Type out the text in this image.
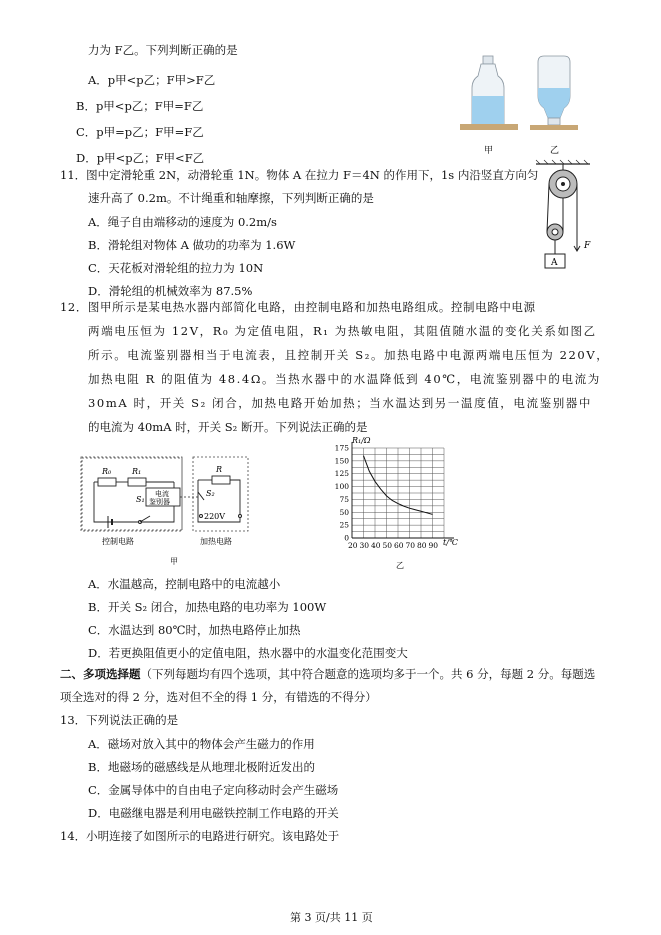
力为 F乙。下列判断正确的是
A．p甲<p乙；F甲>F乙
B．p甲<p乙；F甲=F乙
C．p甲=p乙；F甲=F乙
D．p甲<p乙；F甲<F乙	甲	乙
11．图中定滑轮重 2N，动滑轮重 1N。物体 A 在拉力 F＝4N 的作用下，1s 内沿竖直方向匀
速升高了 0.2m。不计绳重和轴摩擦，下列判断正确的是
A．绳子自由端移动的速度为 0.2m/s
B．滑轮组对物体 A 做功的功率为 1.6W
C．天花板对滑轮组的拉力为 10N
D．滑轮组的机械效率为 87.5%
A
F
12．图甲所示是某电热水器内部简化电路，由控制电路和加热电路组成。控制电路中电源
两端电压恒为 12V，R₀ 为定值电阻，R₁ 为热敏电阻，其阻值随水温的变化关系如图乙
所示。电流鉴别器相当于电流表，且控制开关 S₂。加热电路中电源两端电压恒为 220V，
加热电阻 R 的阻值为 48.4Ω。当热水器中的水温降低到 40℃，电流鉴别器中的电流为
30mA 时，开关 S₂ 闭合，加热电路开始加热；当水温达到另一温度值，电流鉴别器中
的电流为 40mA 时，开关 S₂ 断开。下列说法正确的是
R₀	R₁
电流
鉴别器
S₁
R
S₂
220V
控制电路	加热电路
甲
R₁/Ω
t/℃
乙
20 30 40 50 60 70 80 90
0
25
50
75
100
125
150
175
A．水温越高，控制电路中的电流越小
B．开关 S₂ 闭合，加热电路的电功率为 100W
C．水温达到 80℃时，加热电路停止加热
D．若更换阻值更小的定值电阻，热水器中的水温变化范围变大
二、多项选择题（下列每题均有四个选项，其中符合题意的选项均多于一个。共 6 分，每题 2 分。每题选
项全选对的得 2 分，选对但不全的得 1 分，有错选的不得分）
13．下列说法正确的是
A．磁场对放入其中的物体会产生磁力的作用
B．地磁场的磁感线是从地理北极附近发出的
C．金属导体中的自由电子定向移动时会产生磁场
D．电磁继电器是利用电磁铁控制工作电路的开关
14．小明连接了如图所示的电路进行研究。该电路处于
第 3 页/共 11 页
